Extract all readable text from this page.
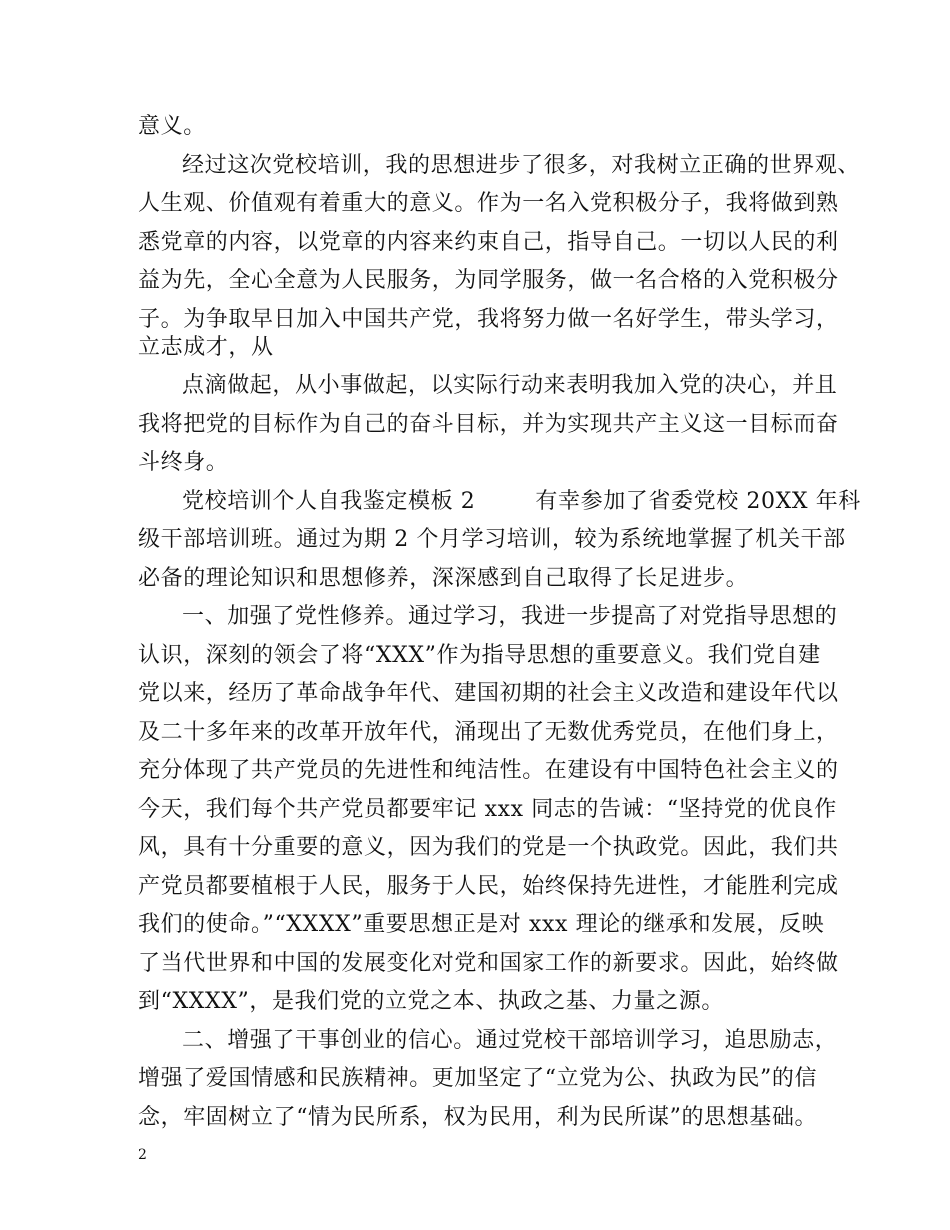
意义。
经过这次党校培训，我的思想进步了很多，对我树立正确的世界观、
人生观、价值观有着重大的意义。作为一名入党积极分子，我将做到熟
悉党章的内容，以党章的内容来约束自己，指导自己。一切以人民的利
益为先，全心全意为人民服务，为同学服务，做一名合格的入党积极分
子。为争取早日加入中国共产党，我将努力做一名好学生，带头学习，
立志成才，从
点滴做起，从小事做起，以实际行动来表明我加入党的决心，并且
我将把党的目标作为自己的奋斗目标，并为实现共产主义这一目标而奋
斗终身。
党校培训个人自我鉴定模板 2	有幸参加了省委党校 20XX 年科
级干部培训班。通过为期 2 个月学习培训，较为系统地掌握了机关干部
必备的理论知识和思想修养，深深感到自己取得了长足进步。
一、加强了党性修养。通过学习，我进一步提高了对党指导思想的
认识，深刻的领会了将“XXX”作为指导思想的重要意义。我们党自建
党以来，经历了革命战争年代、建国初期的社会主义改造和建设年代以
及二十多年来的改革开放年代，涌现出了无数优秀党员，在他们身上，
充分体现了共产党员的先进性和纯洁性。在建设有中国特色社会主义的
今天，我们每个共产党员都要牢记 xxx 同志的告诫：“坚持党的优良作
风，具有十分重要的意义，因为我们的党是一个执政党。因此，我们共
产党员都要植根于人民，服务于人民，始终保持先进性，才能胜利完成
我们的使命。”“XXXX”重要思想正是对 xxx 理论的继承和发展，反映
了当代世界和中国的发展变化对党和国家工作的新要求。因此，始终做
到“XXXX”，是我们党的立党之本、执政之基、力量之源。
二、增强了干事创业的信心。通过党校干部培训学习，追思励志，
增强了爱国情感和民族精神。更加坚定了“立党为公、执政为民”的信
念，牢固树立了“情为民所系，权为民用，利为民所谋”的思想基础。
2
